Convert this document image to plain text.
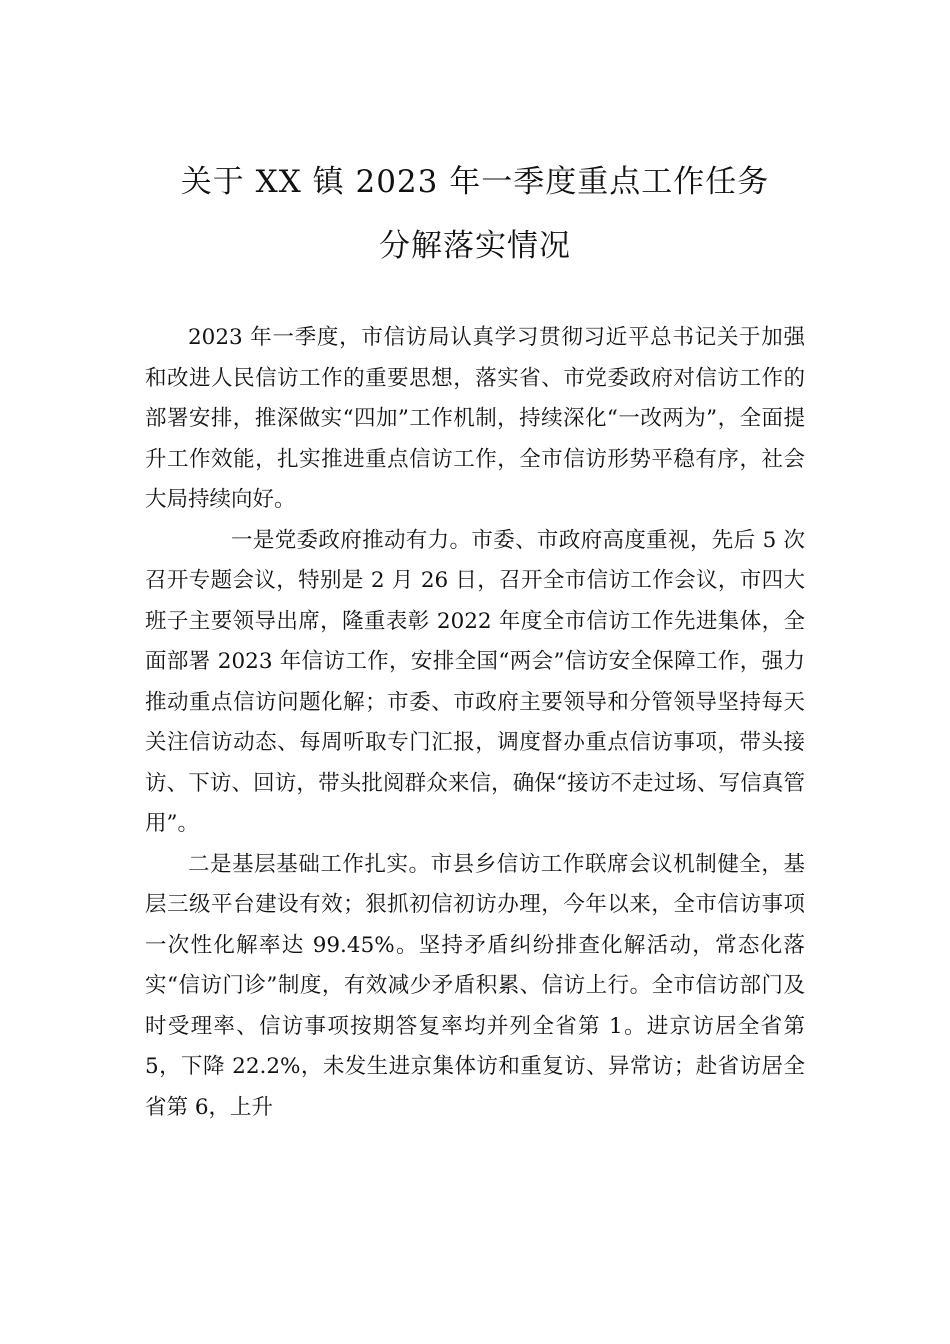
关于 XX 镇 2023 年一季度重点工作任务
分解落实情况

2023 年一季度，市信访局认真学习贯彻习近平总书记关于加强和改进人民信访工作的重要思想，落实省、市党委政府对信访工作的部署安排，推深做实“四加”工作机制，持续深化“一改两为”，全面提升工作效能，扎实推进重点信访工作，全市信访形势平稳有序，社会大局持续向好。

一是党委政府推动有力。市委、市政府高度重视，先后 5 次召开专题会议，特别是 2 月 26 日，召开全市信访工作会议，市四大班子主要领导出席，隆重表彰 2022 年度全市信访工作先进集体，全面部署 2023 年信访工作，安排全国“两会”信访安全保障工作，强力推动重点信访问题化解；市委、市政府主要领导和分管领导坚持每天关注信访动态、每周听取专门汇报，调度督办重点信访事项，带头接访、下访、回访，带头批阅群众来信，确保“接访不走过场、写信真管用”。

二是基层基础工作扎实。市县乡信访工作联席会议机制健全，基层三级平台建设有效；狠抓初信初访办理，今年以来，全市信访事项一次性化解率达 99.45%。坚持矛盾纠纷排查化解活动，常态化落实“信访门诊”制度，有效减少矛盾积累、信访上行。全市信访部门及时受理率、信访事项按期答复率均并列全省第 1。进京访居全省第 5，下降 22.2%，未发生进京集体访和重复访、异常访；赴省访居全省第 6，上升
